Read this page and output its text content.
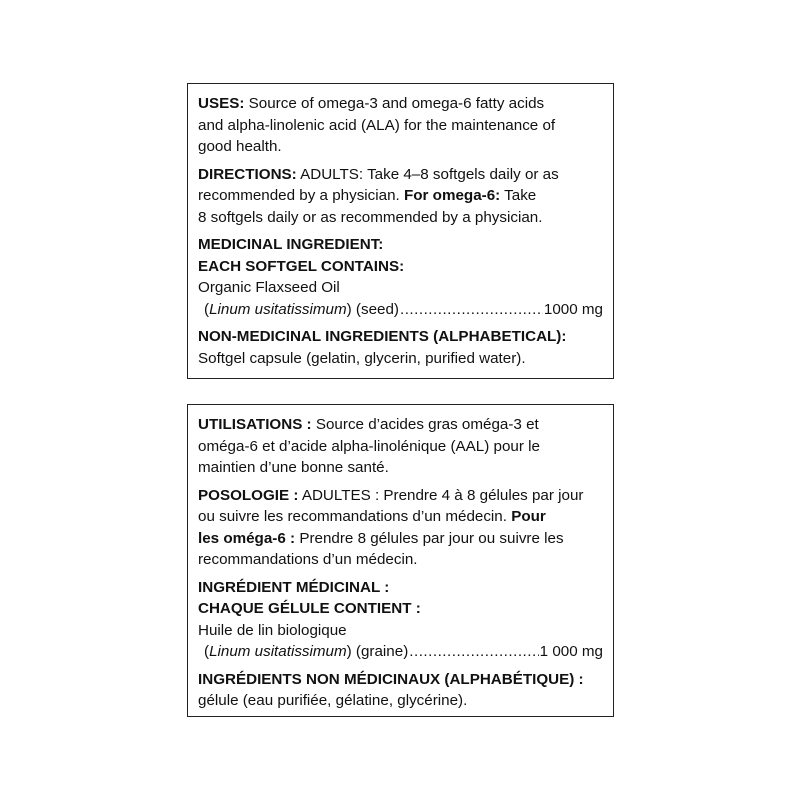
USES: Source of omega-3 and omega-6 fatty acids
and alpha-linolenic acid (ALA) for the maintenance of
good health.
DIRECTIONS: ADULTS: Take 4–8 softgels daily or as
recommended by a physician. For omega-6: Take
8 softgels daily or as recommended by a physician.
MEDICINAL INGREDIENT:
EACH SOFTGEL CONTAINS:
Organic Flaxseed Oil
(Linum usitatissimum) (seed) .....	1000 mg
NON-MEDICINAL INGREDIENTS (ALPHABETICAL):
Softgel capsule (gelatin, glycerin, purified water).
UTILISATIONS : Source d’acides gras oméga-3 et
oméga-6 et d’acide alpha-linolénique (AAL) pour le
maintien d’une bonne santé.
POSOLOGIE : ADULTES : Prendre 4 à 8 gélules par jour
ou suivre les recommandations d’un médecin. Pour
les oméga-6 : Prendre 8 gélules par jour ou suivre les
recommandations d’un médecin.
INGRÉDIENT MÉDICINAL :
CHAQUE GÉLULE CONTIENT :
Huile de lin biologique
(Linum usitatissimum) (graine) .....	1 000 mg
INGRÉDIENTS NON MÉDICINAUX (ALPHABÉTIQUE) :
gélule (eau purifiée, gélatine, glycérine).
